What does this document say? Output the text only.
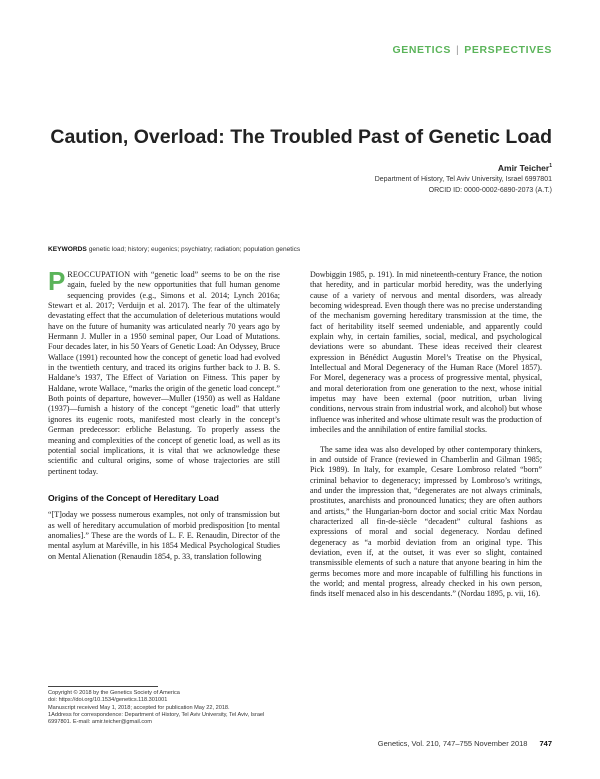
GENETICS | PERSPECTIVES
Caution, Overload: The Troubled Past of Genetic Load
Amir Teicher$^1$
Department of History, Tel Aviv University, Israel 6997801
ORCID ID: 0000-0002-6890-2073 (A.T.)
KEYWORDS genetic load; history; eugenics; psychiatry; radiation; population genetics

PREOCCUPATION with “genetic load” seems to be on the rise again, fueled by the new opportunities that full human genome sequencing provides (e.g., Simons et al. 2014; Lynch 2016a; Stewart et al. 2017; Verduijn et al. 2017). The fear of the ultimately devastating effect that the accumulation of deleterious mutations would have on the future of humanity was articulated nearly 70 years ago by Hermann J. Muller in a 1950 seminal paper, Our Load of Mutations. Four decades later, in his 50 Years of Genetic Load: An Odyssey, Bruce Wallace (1991) recounted how the concept of genetic load had evolved in the twentieth century, and traced its origins further back to J. B. S. Haldane’s 1937, The Effect of Variation on Fitness. This paper by Haldane, wrote Wallace, “marks the origin of the genetic load concept.” Both points of departure, however—Muller (1950) as well as Haldane (1937)—furnish a history of the concept “genetic load” that utterly ignores its eugenic roots, manifested most clearly in the concept’s German predecessor: erbliche Belastung. To properly assess the meaning and complexities of the concept of genetic load, as well as its potential social implications, it is vital that we acknowledge these scientific and cultural origins, some of whose trajectories are still pertinent today.

Origins of the Concept of Hereditary Load

“[T]oday we possess numerous examples, not only of transmission but as well of hereditary accumulation of morbid predisposition [to mental anomalies].” These are the words of L. F. E. Renaudin, Director of the mental asylum at Maréville, in his 1854 Medical Psychological Studies on Mental Alienation (Renaudin 1854, p. 33, translation following

Dowbiggin 1985, p. 191). In mid nineteenth-century France, the notion that heredity, and in particular morbid heredity, was the underlying cause of a variety of nervous and mental disorders, was already becoming widespread. Even though there was no precise understanding of the mechanism governing hereditary transmission at the time, the fact of heritability itself seemed undeniable, and apparently could explain why, in certain families, social, medical, and psychological deviations were so abundant. These ideas received their clearest expression in Bénédict Augustin Morel’s Treatise on the Physical, Intellectual and Moral Degeneracy of the Human Race (Morel 1857). For Morel, degeneracy was a process of progressive mental, physical, and moral deterioration from one generation to the next, whose initial impetus may have been external (poor nutrition, urban living conditions, nervous strain from industrial work, and alcohol) but whose influence was inherited and whose ultimate result was the production of imbeciles and the annihilation of entire familial stocks.

The same idea was also developed by other contemporary thinkers, in and outside of France (reviewed in Chamberlin and Gilman 1985; Pick 1989). In Italy, for example, Cesare Lombroso related “born” criminal behavior to degeneracy; impressed by Lombroso’s writings, and under the impression that, “degenerates are not always criminals, prostitutes, anarchists and pronounced lunatics; they are often authors and artists,” the Hungarian-born doctor and social critic Max Nordau characterized all fin-de-siècle “decadent” cultural fashions as expressions of moral and social degeneracy. Nordau defined degeneracy as “a morbid deviation from an original type. This deviation, even if, at the outset, it was ever so slight, contained transmissible elements of such a nature that anyone bearing in him the germs becomes more and more incapable of fulfilling his functions in the world; and mental progress, already checked in his own person, finds itself menaced also in his descendants.” (Nordau 1895, p. vii, 16).

Copyright © 2018 by the Genetics Society of America
doi: https://doi.org/10.1534/genetics.118.301001
Manuscript received May 1, 2018; accepted for publication May 22, 2018.
1Address for correspondence: Department of History, Tel Aviv University, Tel Aviv, Israel 6997801. E-mail: amir.teicher@gmail.com
Genetics, Vol. 210, 747–755 November 2018 747
